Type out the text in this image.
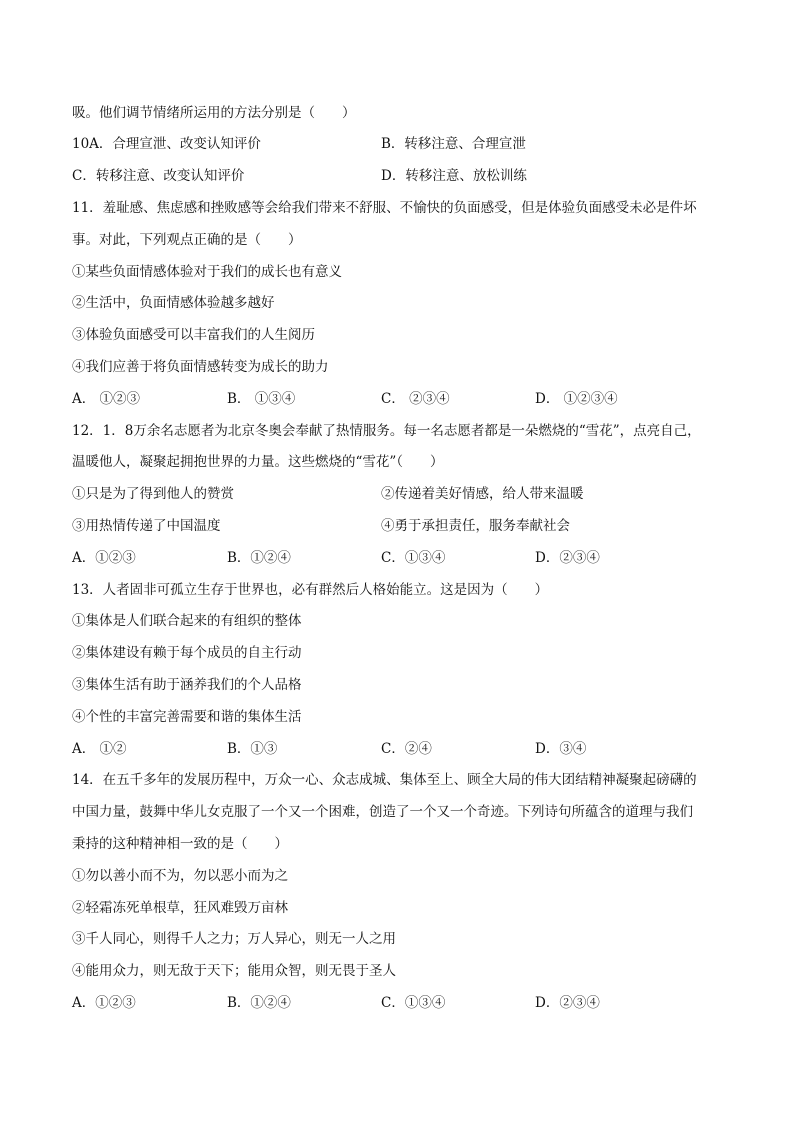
吸。他们调节情绪所运用的方法分别是（　　）
10A．合理宣泄、改变认知评价	B．转移注意、合理宣泄
C．转移注意、改变认知评价	D．转移注意、放松训练
11．羞耻感、焦虑感和挫败感等会给我们带来不舒服、不愉快的负面感受，但是体验负面感受未必是件坏
事。对此，下列观点正确的是（　　）
①某些负面情感体验对于我们的成长也有意义
②生活中，负面情感体验越多越好
③体验负面感受可以丰富我们的人生阅历
④我们应善于将负面情感转变为成长的助力
A． ①②③	B． ①③④	C． ②③④	D． ①②③④
12．1．8万余名志愿者为北京冬奥会奉献了热情服务。每一名志愿者都是一朵燃烧的“雪花”，点亮自己，
温暖他人，凝聚起拥抱世界的力量。这些燃烧的“雪花”（　　）
①只是为了得到他人的赞赏	②传递着美好情感，给人带来温暖
③用热情传递了中国温度	④勇于承担责任，服务奉献社会
A．①②③	B．①②④	C．①③④	D．②③④
13．人者固非可孤立生存于世界也，必有群然后人格始能立。这是因为（　　）
①集体是人们联合起来的有组织的整体
②集体建设有赖于每个成员的自主行动
③集体生活有助于涵养我们的个人品格
④个性的丰富完善需要和谐的集体生活
A． ①②	B．①③	C．②④	D．③④
14．在五千多年的发展历程中，万众一心、众志成城、集体至上、顾全大局的伟大团结精神凝聚起磅礴的
中国力量，鼓舞中华儿女克服了一个又一个困难，创造了一个又一个奇迹。下列诗句所蕴含的道理与我们
秉持的这种精神相一致的是（　　）
①勿以善小而不为，勿以恶小而为之
②轻霜冻死单根草，狂风难毁万亩林
③千人同心，则得千人之力；万人异心，则无一人之用
④能用众力，则无敌于天下；能用众智，则无畏于圣人
A．①②③	B．①②④	C．①③④	D．②③④
